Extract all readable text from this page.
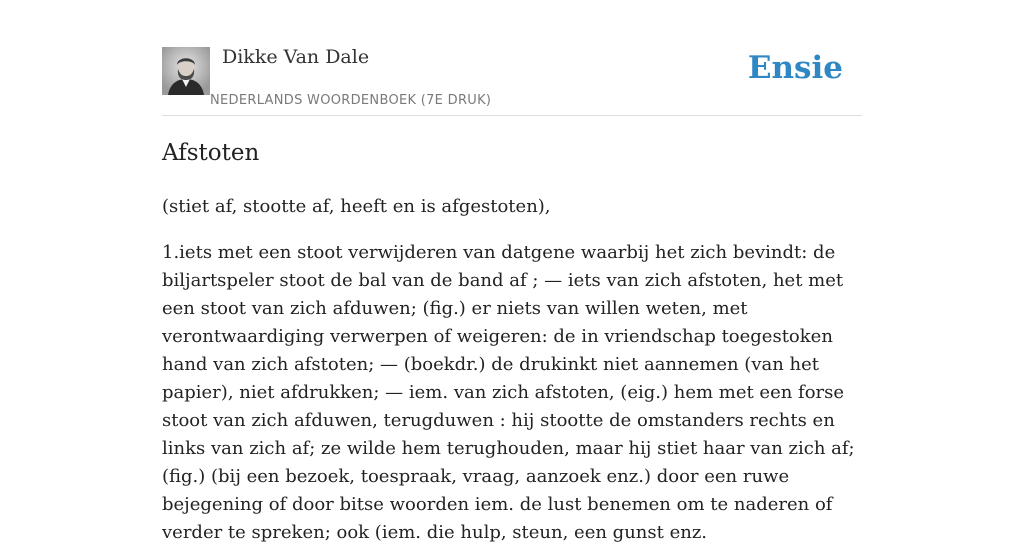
Dikke Van Dale
NEDERLANDS WOORDENBOEK (7E DRUK)
Ensie
Afstoten

(stiet af, stootte af, heeft en is afgestoten),

1.iets met een stoot verwijderen van datgene waarbij het zich bevindt: de biljartspeler stoot de bal van de band af ; — iets van zich afstoten, het met een stoot van zich afduwen; (fig.) er niets van willen weten, met verontwaardiging verwerpen of weigeren: de in vriendschap toegestoken hand van zich afstoten; — (boekdr.) de drukinkt niet aannemen (van het papier), niet afdrukken; — iem. van zich afstoten, (eig.) hem met een forse stoot van zich afduwen, terugduwen : hij stootte de omstanders rechts en links van zich af; ze wilde hem terughouden, maar hij stiet haar van zich af; (fig.) (bij een bezoek, toespraak, vraag, aanzoek enz.) door een ruwe bejegening of door bitse woorden iem. de lust benemen om te naderen of verder te spreken; ook (iem. die hulp, steun, een gunst enz.
